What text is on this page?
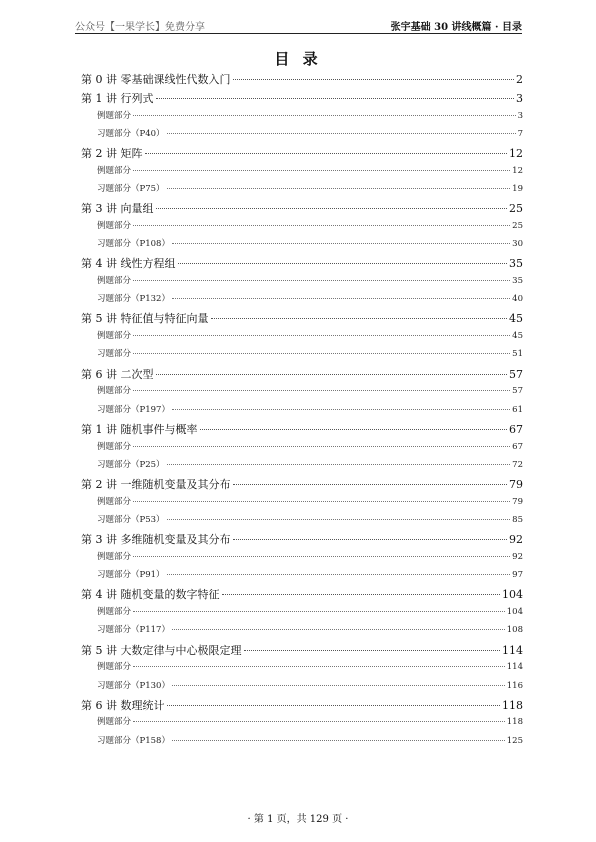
公众号【一果学长】免费分享	张宇基础 30 讲线概篇 · 目录
目 录
第 0 讲 零基础课线性代数入门	2
第 1 讲 行列式	3
例题部分	3
习题部分（P40）	7
第 2 讲 矩阵	12
例题部分	12
习题部分（P75）	19
第 3 讲 向量组	25
例题部分	25
习题部分（P108）	30
第 4 讲 线性方程组	35
例题部分	35
习题部分（P132）	40
第 5 讲 特征值与特征向量	45
例题部分	45
习题部分	51
第 6 讲 二次型	57
例题部分	57
习题部分（P197）	61
第 1 讲 随机事件与概率	67
例题部分	67
习题部分（P25）	72
第 2 讲 一维随机变量及其分布	79
例题部分	79
习题部分（P53）	85
第 3 讲 多维随机变量及其分布	92
例题部分	92
习题部分（P91）	97
第 4 讲 随机变量的数字特征	104
例题部分	104
习题部分（P117）	108
第 5 讲 大数定律与中心极限定理	114
例题部分	114
习题部分（P130）	116
第 6 讲 数理统计	118
例题部分	118
习题部分（P158）	125
· 第 1 页，共 129 页 ·
